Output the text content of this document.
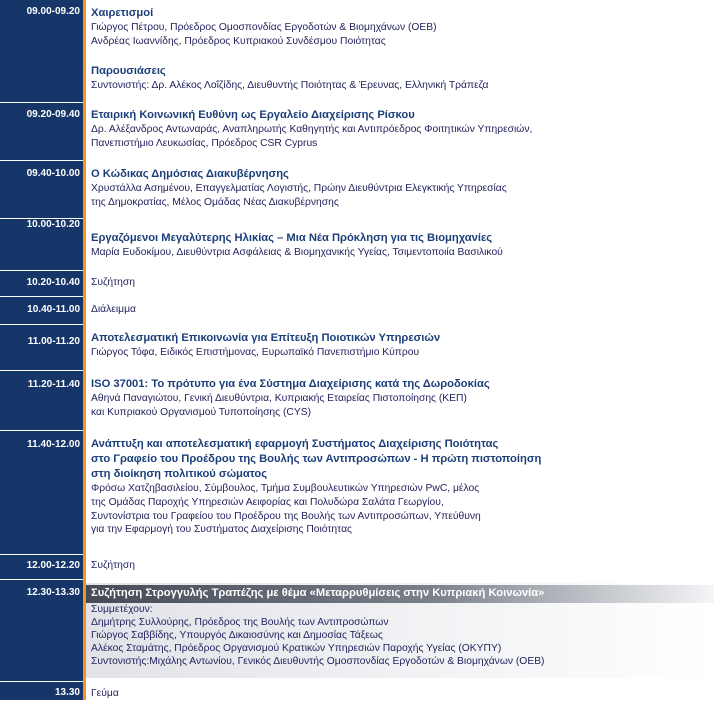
09.00-09.20 Χαιρετισμοί
Γιώργος Πέτρου, Πρόεδρος Ομοσπονδίας Εργοδοτών & Βιομηχάνων (ΟΕΒ)
Ανδρέας Ιωαννίδης, Πρόεδρος Κυπριακού Συνδέσμου Ποιότητας
Παρουσιάσεις
Συντονιστής: Δρ. Αλέκος Λοΐζίδης, Διευθυντής Ποιότητας & Έρευνας, Ελληνική Τράπεζα
09.20-09.40 Εταιρική Κοινωνική Ευθύνη ως Εργαλείο Διαχείρισης Ρίσκου
Δρ. Αλέξανδρος Αντωναράς, Αναπληρωτής Καθηγητής και Αντιπρόεδρος Φοιτητικών Υπηρεσιών,
Πανεπιστήμιο Λευκωσίας, Πρόεδρος CSR Cyprus
09.40-10.00 Ο Κώδικας Δημόσιας Διακυβέρνησης
Χρυστάλλα Ασημένου, Επαγγελματίας Λογιστής, Πρώην Διευθύντρια Ελεγκτικής Υπηρεσίας
της Δημοκρατίας, Μέλος Ομάδας Νέας Διακυβέρνησης
10.00-10.20
Εργαζόμενοι Μεγαλύτερης Ηλικίας – Μια Νέα Πρόκληση για τις Βιομηχανίες
Μαρία Ευδοκίμου, Διευθύντρια Ασφάλειας & Βιομηχανικής Υγείας, Τσιμεντοποιία Βασιλικού
10.20-10.40 Συζήτηση
10.40-11.00 Διάλειμμα
11.00-11.20 Αποτελεσματική Επικοινωνία για Επίτευξη Ποιοτικών Υπηρεσιών
Γιώργος Τόφα, Ειδικός Επιστήμονας, Ευρωπαϊκό Πανεπιστήμιο Κύπρου
11.20-11.40 ISO 37001: Το πρότυπο για ένα Σύστημα Διαχείρισης κατά της Δωροδοκίας
Αθηνά Παναγιώτου, Γενική Διευθύντρια, Κυπριακής Εταιρείας Πιστοποίησης (ΚΕΠ)
και Κυπριακού Οργανισμού Τυποποίησης (CYS)
11.40-12.00 Ανάπτυξη και αποτελεσματική εφαρμογή Συστήματος Διαχείρισης Ποιότητας
στο Γραφείο του Προέδρου της Βουλής των Αντιπροσώπων - Η πρώτη πιστοποίηση
στη διοίκηση πολιτικού σώματος
Φρόσω Χατζηβασιλείου, Σύμβουλος, Τμήμα Συμβουλευτικών Υπηρεσιών PwC, μέλος
της Ομάδας Παροχής Υπηρεσιών Αειφορίας και Πολυδώρα Σαλάτα Γεωργίου,
Συντονίστρια του Γραφείου του Προέδρου της Βουλής των Αντιπροσώπων, Υπεύθυνη
για την Εφαρμογή του Συστήματος Διαχείρισης Ποιότητας
12.00-12.20 Συζήτηση
Συζήτηση Στρογγυλής Τραπέζης με θέμα «Μεταρρυθμίσεις στην Κυπριακή Κοινωνία»
12.30-13.30
Συμμετέχουν:
Δημήτρης Συλλούρης, Πρόεδρος της Βουλής των Αντιπροσώπων
Γιώργος Σαββίδης, Υπουργός Δικαιοσύνης και Δημοσίας Τάξεως
Αλέκος Σταμάτης, Πρόεδρος Οργανισμού Κρατικών Υπηρεσιών Παροχής Υγείας (ΟΚΥΠΥ)
Συντονιστής:Μιχάλης Αντωνίου, Γενικός Διευθυντής Ομοσπονδίας Εργοδοτών & Βιομηχάνων (ΟΕΒ)
13.30 Γεύμα
